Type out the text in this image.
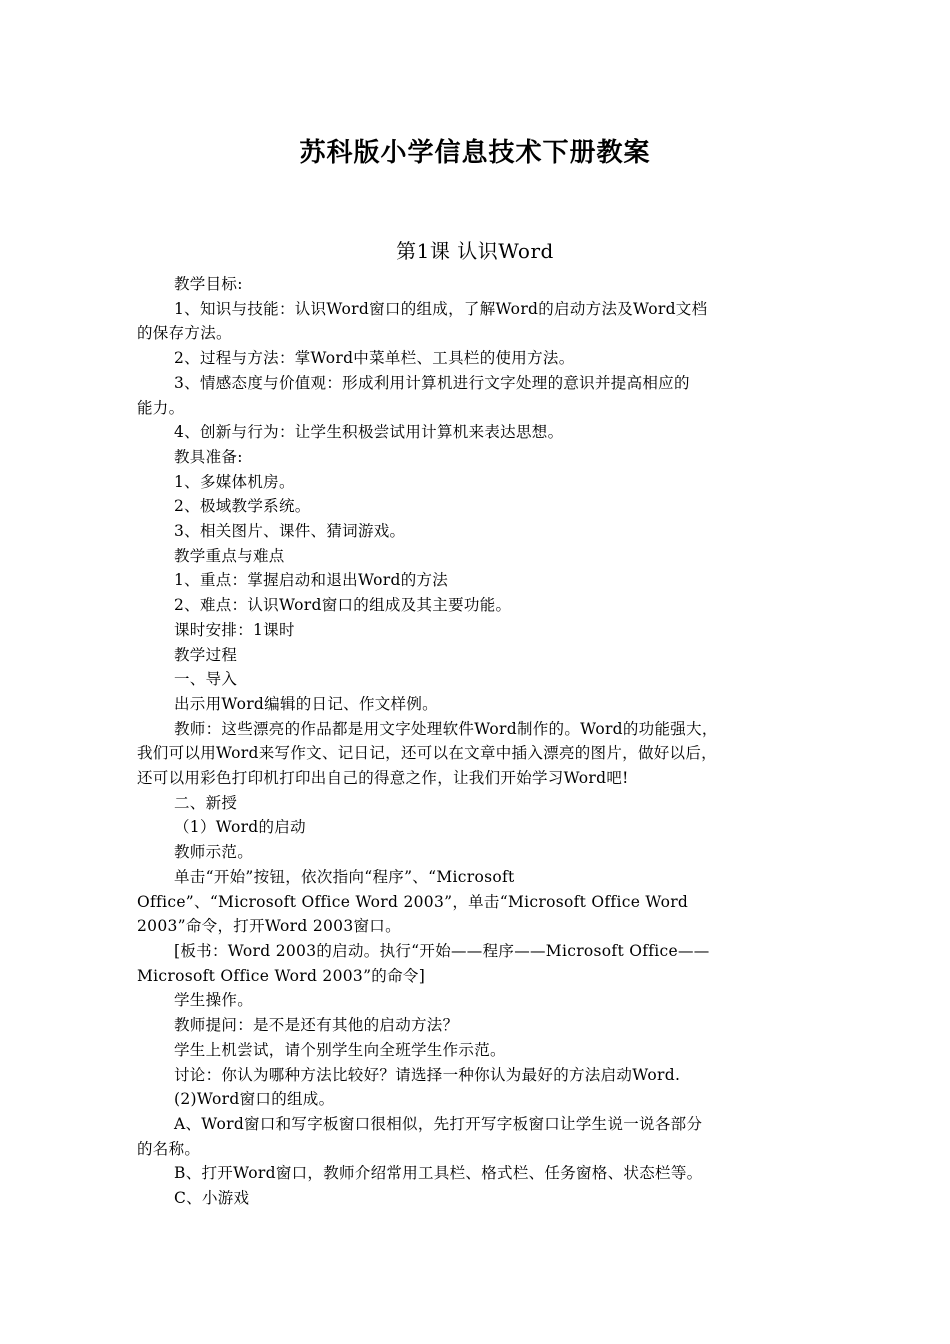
苏科版小学信息技术下册教案
第1课 认识Word

教学目标:

1、知识与技能：认识Word窗口的组成，了解Word的启动方法及Word文档

的保存方法。

2、过程与方法：掌Word中菜单栏、工具栏的使用方法。

3、情感态度与价值观：形成利用计算机进行文字处理的意识并提高相应的

能力。

4、创新与行为：让学生积极尝试用计算机来表达思想。

教具准备:

1、多媒体机房。

2、极域教学系统。

3、相关图片、课件、猜词游戏。

教学重点与难点

1、重点：掌握启动和退出Word的方法

2、难点：认识Word窗口的组成及其主要功能。

课时安排：1课时

教学过程

一、导入

出示用Word编辑的日记、作文样例。

教师：这些漂亮的作品都是用文字处理软件Word制作的。Word的功能强大，

我们可以用Word来写作文、记日记，还可以在文章中插入漂亮的图片，做好以后，

还可以用彩色打印机打印出自己的得意之作，让我们开始学习Word吧!

二、新授

（1）Word的启动

教师示范。

单击“开始”按钮，依次指向“程序”、“Microsoft

Office”、“Microsoft Office Word 2003”，单击“Microsoft Office Word

2003”命令，打开Word 2003窗口。

[板书：Word 2003的启动。执行“开始——程序——Microsoft Office——

Microsoft Office Word 2003”的命令]

学生操作。

教师提问：是不是还有其他的启动方法？

学生上机尝试，请个别学生向全班学生作示范。

讨论：你认为哪种方法比较好？请选择一种你认为最好的方法启动Word.

(2)Word窗口的组成。

A、Word窗口和写字板窗口很相似，先打开写字板窗口让学生说一说各部分

的名称。

B、打开Word窗口，教师介绍常用工具栏、格式栏、任务窗格、状态栏等。

C、小游戏
